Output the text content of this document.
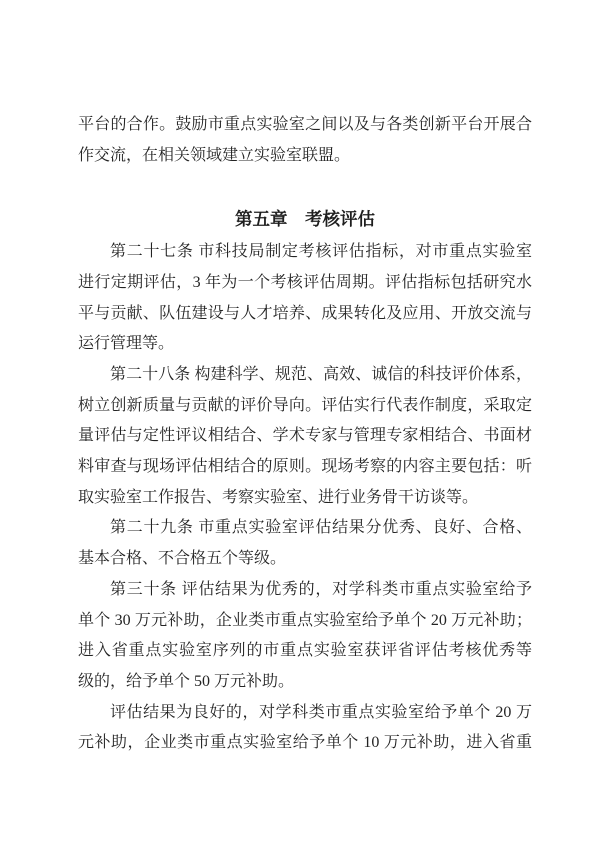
平台的合作。鼓励市重点实验室之间以及与各类创新平台开展合

作交流，在相关领域建立实验室联盟。

第五章　考核评估

第二十七条 市科技局制定考核评估指标，对市重点实验室

进行定期评估，3 年为一个考核评估周期。评估指标包括研究水

平与贡献、队伍建设与人才培养、成果转化及应用、开放交流与

运行管理等。

第二十八条 构建科学、规范、高效、诚信的科技评价体系，

树立创新质量与贡献的评价导向。评估实行代表作制度，采取定

量评估与定性评议相结合、学术专家与管理专家相结合、书面材

料审查与现场评估相结合的原则。现场考察的内容主要包括：听

取实验室工作报告、考察实验室、进行业务骨干访谈等。

第二十九条 市重点实验室评估结果分优秀、良好、合格、

基本合格、不合格五个等级。

第三十条 评估结果为优秀的，对学科类市重点实验室给予

单个 30 万元补助，企业类市重点实验室给予单个 20 万元补助；

进入省重点实验室序列的市重点实验室获评省评估考核优秀等

级的，给予单个 50 万元补助。

评估结果为良好的，对学科类市重点实验室给予单个 20 万

元补助，企业类市重点实验室给予单个 10 万元补助，进入省重
